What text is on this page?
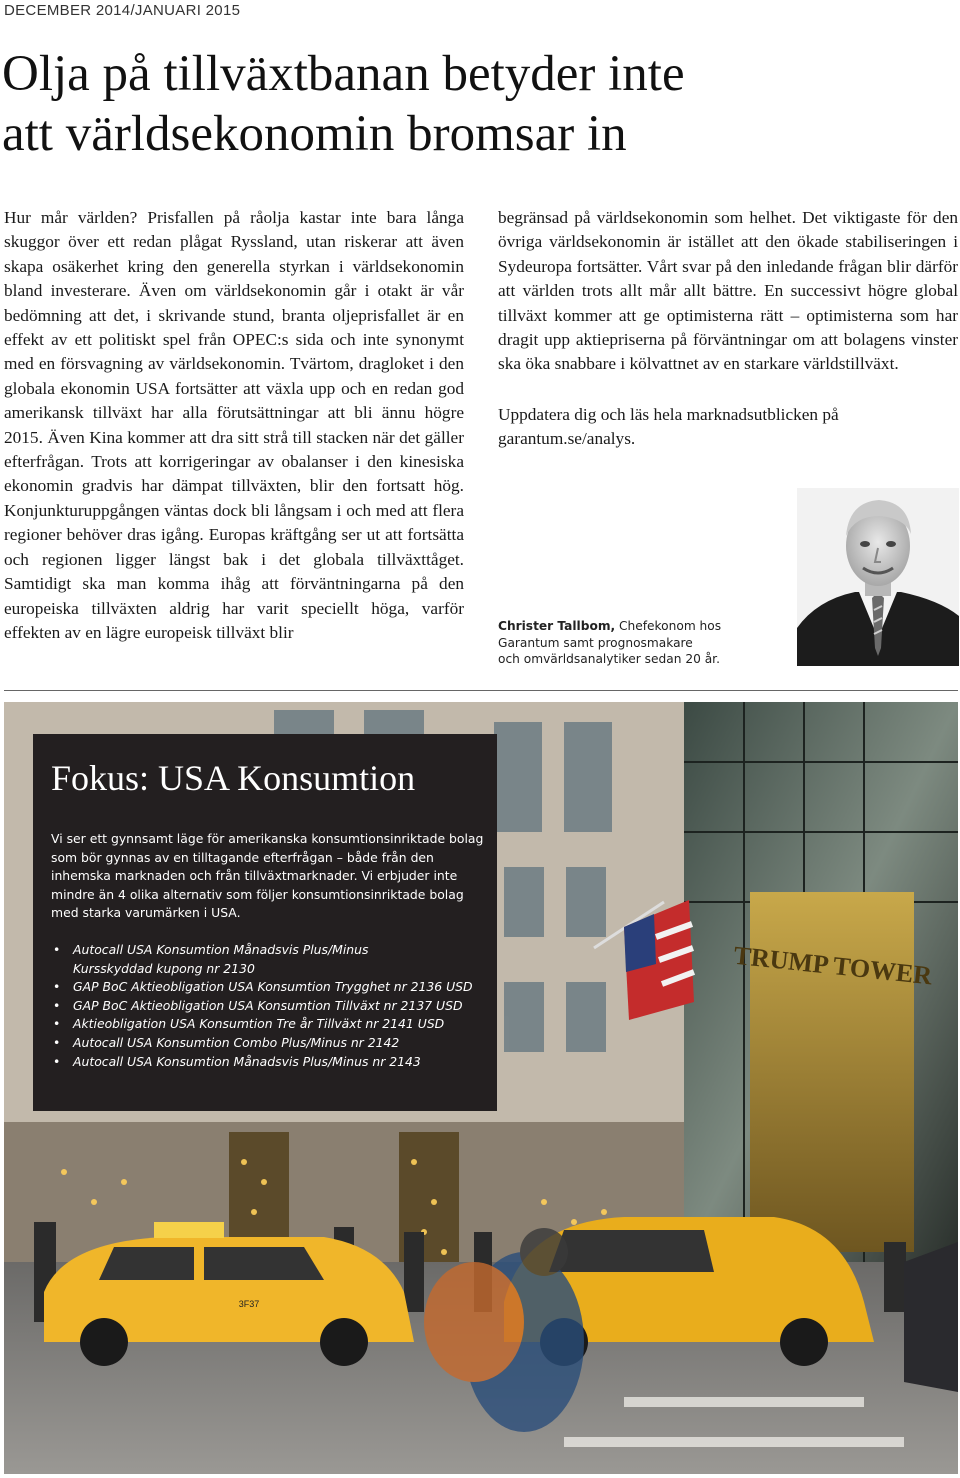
DECEMBER 2014/JANUARI 2015
Olja på tillväxtbanan betyder inte
att världsekonomin bromsar in

Hur mår världen? Prisfallen på råolja kastar inte bara långa skuggor över ett redan plågat Ryssland, utan riskerar att även skapa osäkerhet kring den generella styrkan i världsekonomin bland investerare. Även om världsekonomin går i otakt är vår bedömning att det, i skrivande stund, branta oljeprisfallet är en effekt av ett politiskt spel från OPEC:s sida och inte synonymt med en försvagning av världsekonomin. Tvärtom, dragloket i den globala ekonomin USA fortsätter att växla upp och en redan god amerikansk tillväxt har alla förutsättningar att bli ännu högre 2015. Även Kina kommer att dra sitt strå till stacken när det gäller efterfrågan. Trots att korrigeringar av obalanser i den kinesiska ekonomin gradvis har dämpat tillväxten, blir den fortsatt hög. Konjunkturuppgången väntas dock bli långsam i och med att flera regioner behöver dras igång. Europas kräftgång ser ut att fortsätta och regionen ligger längst bak i det globala tillväxttåget. Samtidigt ska man komma ihåg att förväntningarna på den europeiska tillväxten aldrig har varit speciellt höga, varför effekten av en lägre europeisk tillväxt blir

begränsad på världsekonomin som helhet. Det viktigaste för den övriga världsekonomin är istället att den ökade stabiliseringen i Sydeuropa fortsätter. Vårt svar på den inledande frågan blir därför att världen trots allt mår allt bättre. En successivt högre global tillväxt kommer att ge optimisterna rätt – optimisterna som har dragit upp aktiepriserna på förväntningar om att bolagens vinster ska öka snabbare i kölvattnet av en starkare världstillväxt.

Uppdatera dig och läs hela marknadsutblicken på
garantum.se/analys.

Christer Tallbom, Chefekonom hos
Garantum samt prognosmakare
och omvärldsanalytiker sedan 20 år.
TRUMP TOWER
3F37
Fokus: USA Konsumtion

Vi ser ett gynnsamt läge för amerikanska konsumtionsinriktade bolag som bör gynnas av en tilltagande efterfrågan – både från den inhemska marknaden och från tillväxtmarknader. Vi erbjuder inte mindre än 4 olika alternativ som följer konsumtionsinriktade bolag med starka varumärken i USA.

• Autocall USA Konsumtion Månadsvis Plus/Minus
Kursskyddad kupong nr 2130
• GAP BoC Aktieobligation USA Konsumtion Trygghet nr 2136 USD
• GAP BoC Aktieobligation USA Konsumtion Tillväxt nr 2137 USD
• Aktieobligation USA Konsumtion Tre år Tillväxt nr 2141 USD
• Autocall USA Konsumtion Combo Plus/Minus nr 2142
• Autocall USA Konsumtion Månadsvis Plus/Minus nr 2143
